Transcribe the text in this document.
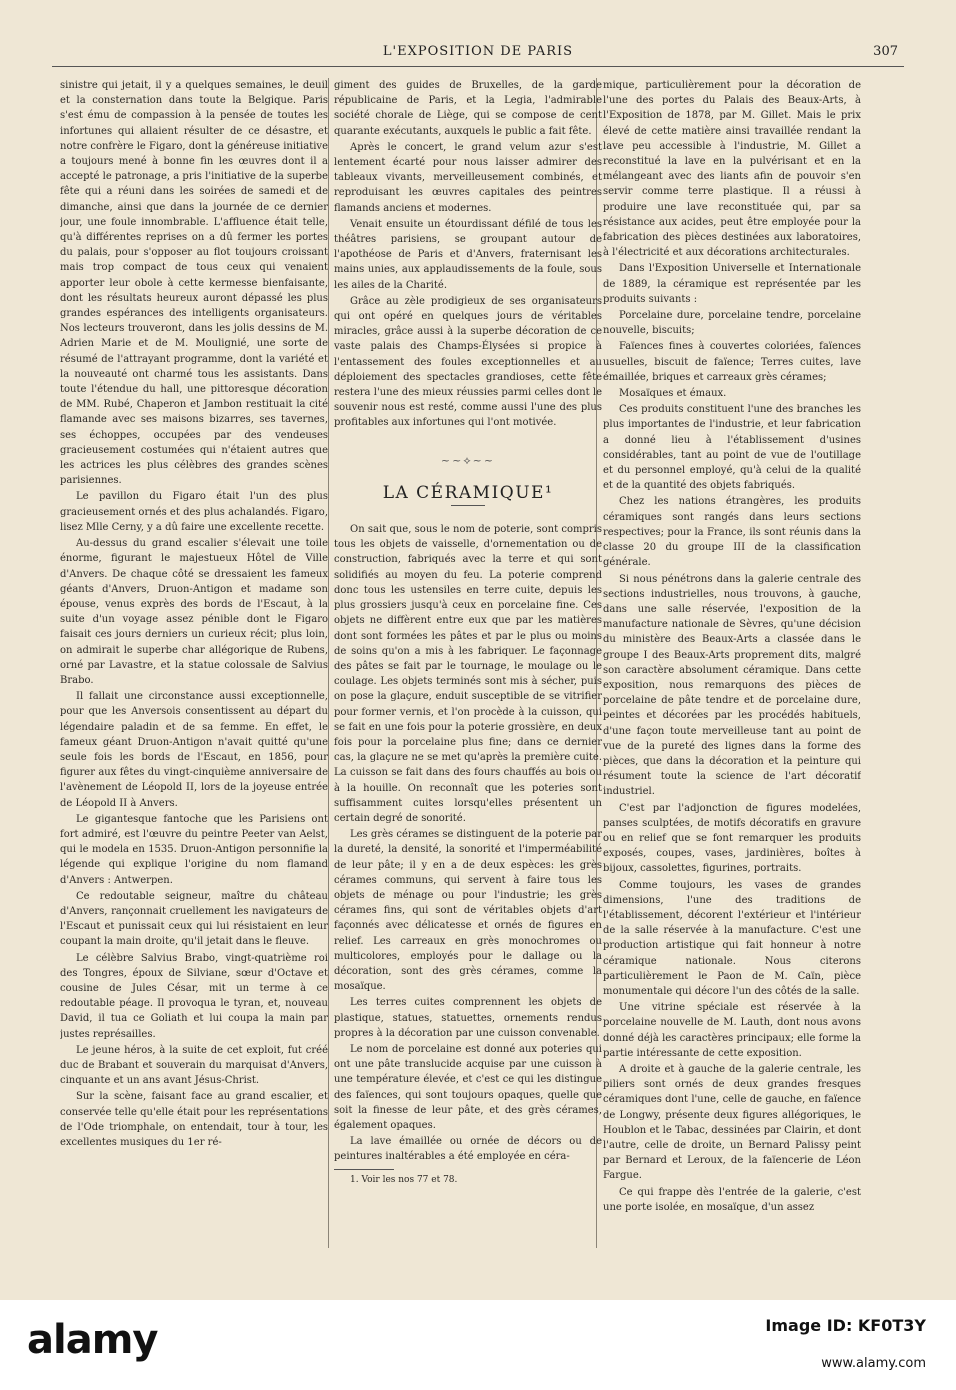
L'EXPOSITION DE PARIS	307

sinistre qui jetait, il y a quelques semaines, le deuil et la consternation dans toute la Belgique. Paris s'est ému de compassion à la pensée de toutes les infortunes qui allaient résulter de ce désastre, et notre confrère le Figaro, dont la généreuse initiative a toujours mené à bonne fin les œuvres dont il a accepté le patronage, a pris l'initiative de la superbe fête qui a réuni dans les soirées de samedi et de dimanche, ainsi que dans la journée de ce dernier jour, une foule innombrable. L'affluence était telle, qu'à différentes reprises on a dû fermer les portes du palais, pour s'opposer au flot toujours croissant mais trop compact de tous ceux qui venaient apporter leur obole à cette kermesse bienfaisante, dont les résultats heureux auront dépassé les plus grandes espérances des intelligents organisateurs. Nos lecteurs trouveront, dans les jolis dessins de M. Adrien Marie et de M. Moulignié, une sorte de résumé de l'attrayant programme, dont la variété et la nouveauté ont charmé tous les assistants. Dans toute l'étendue du hall, une pittoresque décoration de MM. Rubé, Chaperon et Jambon restituait la cité flamande avec ses maisons bizarres, ses tavernes, ses échoppes, occupées par des vendeuses gracieusement costumées qui n'étaient autres que les actrices les plus célèbres des grandes scènes parisiennes.

Le pavillon du Figaro était l'un des plus gracieusement ornés et des plus achalandés. Figaro, lisez Mlle Cerny, y a dû faire une excellente recette.

Au-dessus du grand escalier s'élevait une toile énorme, figurant le majestueux Hôtel de Ville d'Anvers. De chaque côté se dressaient les fameux géants d'Anvers, Druon-Antigon et madame son épouse, venus exprès des bords de l'Escaut, à la suite d'un voyage assez pénible dont le Figaro faisait ces jours derniers un curieux récit; plus loin, on admirait le superbe char allégorique de Rubens, orné par Lavastre, et la statue colossale de Salvius Brabo.

Il fallait une circonstance aussi exceptionnelle, pour que les Anversois consentissent au départ du légendaire paladin et de sa femme. En effet, le fameux géant Druon-Antigon n'avait quitté qu'une seule fois les bords de l'Escaut, en 1856, pour figurer aux fêtes du vingt-cinquième anniversaire de l'avènement de Léopold II, lors de la joyeuse entrée de Léopold II à Anvers.

Le gigantesque fantoche que les Parisiens ont fort admiré, est l'œuvre du peintre Peeter van Aelst, qui le modela en 1535. Druon-Antigon personnifie la légende qui explique l'origine du nom flamand d'Anvers : Antwerpen.

Ce redoutable seigneur, maître du château d'Anvers, rançonnait cruellement les navigateurs de l'Escaut et punissait ceux qui lui résistaient en leur coupant la main droite, qu'il jetait dans le fleuve.

Le célèbre Salvius Brabo, vingt-quatrième roi des Tongres, époux de Silviane, sœur d'Octave et cousine de Jules César, mit un terme à ce redoutable péage. Il provoqua le tyran, et, nouveau David, il tua ce Goliath et lui coupa la main par justes représailles.

Le jeune héros, à la suite de cet exploit, fut créé duc de Brabant et souverain du marquisat d'Anvers, cinquante et un ans avant Jésus-Christ.

Sur la scène, faisant face au grand escalier, et conservée telle qu'elle était pour les représentations de l'Ode triomphale, on entendait, tour à tour, les excellentes musiques du 1er ré-

giment des guides de Bruxelles, de la garde républicaine de Paris, et la Legia, l'admirable société chorale de Liège, qui se compose de cent quarante exécutants, auxquels le public a fait fête.

Après le concert, le grand velum azur s'est lentement écarté pour nous laisser admirer des tableaux vivants, merveilleusement combinés, et reproduisant les œuvres capitales des peintres flamands anciens et modernes.

Venait ensuite un étourdissant défilé de tous les théâtres parisiens, se groupant autour de l'apothéose de Paris et d'Anvers, fraternisant les mains unies, aux applaudissements de la foule, sous les ailes de la Charité.

Grâce au zèle prodigieux de ses organisateurs qui ont opéré en quelques jours de véritables miracles, grâce aussi à la superbe décoration de ce vaste palais des Champs-Élysées si propice à l'entassement des foules exceptionnelles et au déploiement des spectacles grandioses, cette fête restera l'une des mieux réussies parmi celles dont le souvenir nous est resté, comme aussi l'une des plus profitables aux infortunes qui l'ont motivée.

~~⟡~~
LA CÉRAMIQUE¹

On sait que, sous le nom de poterie, sont compris tous les objets de vaisselle, d'ornementation ou de construction, fabriqués avec la terre et qui sont solidifiés au moyen du feu. La poterie comprend donc tous les ustensiles en terre cuite, depuis les plus grossiers jusqu'à ceux en porcelaine fine. Ces objets ne diffèrent entre eux que par les matières dont sont formées les pâtes et par le plus ou moins de soins qu'on a mis à les fabriquer. Le façonnage des pâtes se fait par le tournage, le moulage ou le coulage. Les objets terminés sont mis à sécher, puis on pose la glaçure, enduit susceptible de se vitrifier pour former vernis, et l'on procède à la cuisson, qui se fait en une fois pour la poterie grossière, en deux fois pour la porcelaine plus fine; dans ce dernier cas, la glaçure ne se met qu'après la première cuite. La cuisson se fait dans des fours chauffés au bois ou à la houille. On reconnaît que les poteries sont suffisamment cuites lorsqu'elles présentent un certain degré de sonorité.

Les grès cérames se distinguent de la poterie par la dureté, la densité, la sonorité et l'imperméabilité de leur pâte; il y en a de deux espèces: les grès cérames communs, qui servent à faire tous les objets de ménage ou pour l'industrie; les grès cérames fins, qui sont de véritables objets d'art façonnés avec délicatesse et ornés de figures en relief. Les carreaux en grès monochromes ou multicolores, employés pour le dallage ou la décoration, sont des grès cérames, comme la mosaïque.

Les terres cuites comprennent les objets de plastique, statues, statuettes, ornements rendus propres à la décoration par une cuisson convenable.

Le nom de porcelaine est donné aux poteries qui ont une pâte translucide acquise par une cuisson à une température élevée, et c'est ce qui les distingue des faïences, qui sont toujours opaques, quelle que soit la finesse de leur pâte, et des grès cérames, également opaques.

La lave émaillée ou ornée de décors ou de peintures inaltérables a été employée en céra-

1. Voir les nos 77 et 78.

mique, particulièrement pour la décoration de l'une des portes du Palais des Beaux-Arts, à l'Exposition de 1878, par M. Gillet. Mais le prix élevé de cette matière ainsi travaillée rendant la lave peu accessible à l'industrie, M. Gillet a reconstitué la lave en la pulvérisant et en la mélangeant avec des liants afin de pouvoir s'en servir comme terre plastique. Il a réussi à produire une lave reconstituée qui, par sa résistance aux acides, peut être employée pour la fabrication des pièces destinées aux laboratoires, à l'électricité et aux décorations architecturales.

Dans l'Exposition Universelle et Internationale de 1889, la céramique est représentée par les produits suivants :

Porcelaine dure, porcelaine tendre, porcelaine nouvelle, biscuits;

Faïences fines à couvertes coloriées, faïences usuelles, biscuit de faïence; Terres cuites, lave émaillée, briques et carreaux grès cérames;

Mosaïques et émaux.

Ces produits constituent l'une des branches les plus importantes de l'industrie, et leur fabrication a donné lieu à l'établissement d'usines considérables, tant au point de vue de l'outillage et du personnel employé, qu'à celui de la qualité et de la quantité des objets fabriqués.

Chez les nations étrangères, les produits céramiques sont rangés dans leurs sections respectives; pour la France, ils sont réunis dans la classe 20 du groupe III de la classification générale.

Si nous pénétrons dans la galerie centrale des sections industrielles, nous trouvons, à gauche, dans une salle réservée, l'exposition de la manufacture nationale de Sèvres, qu'une décision du ministère des Beaux-Arts a classée dans le groupe I des Beaux-Arts proprement dits, malgré son caractère absolument céramique. Dans cette exposition, nous remarquons des pièces de porcelaine de pâte tendre et de porcelaine dure, peintes et décorées par les procédés habituels, d'une façon toute merveilleuse tant au point de vue de la pureté des lignes dans la forme des pièces, que dans la décoration et la peinture qui résument toute la science de l'art décoratif industriel.

C'est par l'adjonction de figures modelées, panses sculptées, de motifs décoratifs en gravure ou en relief que se font remarquer les produits exposés, coupes, vases, jardinières, boîtes à bijoux, cassolettes, figurines, portraits.

Comme toujours, les vases de grandes dimensions, l'une des traditions de l'établissement, décorent l'extérieur et l'intérieur de la salle réservée à la manufacture. C'est une production artistique qui fait honneur à notre céramique nationale. Nous citerons particulièrement le Paon de M. Caïn, pièce monumentale qui décore l'un des côtés de la salle.

Une vitrine spéciale est réservée à la porcelaine nouvelle de M. Lauth, dont nous avons donné déjà les caractères principaux; elle forme la partie intéressante de cette exposition.

A droite et à gauche de la galerie centrale, les piliers sont ornés de deux grandes fresques céramiques dont l'une, celle de gauche, en faïence de Longwy, présente deux figures allégoriques, le Houblon et le Tabac, dessinées par Clairin, et dont l'autre, celle de droite, un Bernard Palissy peint par Bernard et Leroux, de la faïencerie de Léon Fargue.

Ce qui frappe dès l'entrée de la galerie, c'est une porte isolée, en mosaïque, d'un assez

alamy	Image ID: KF0T3Y
www.alamy.com
